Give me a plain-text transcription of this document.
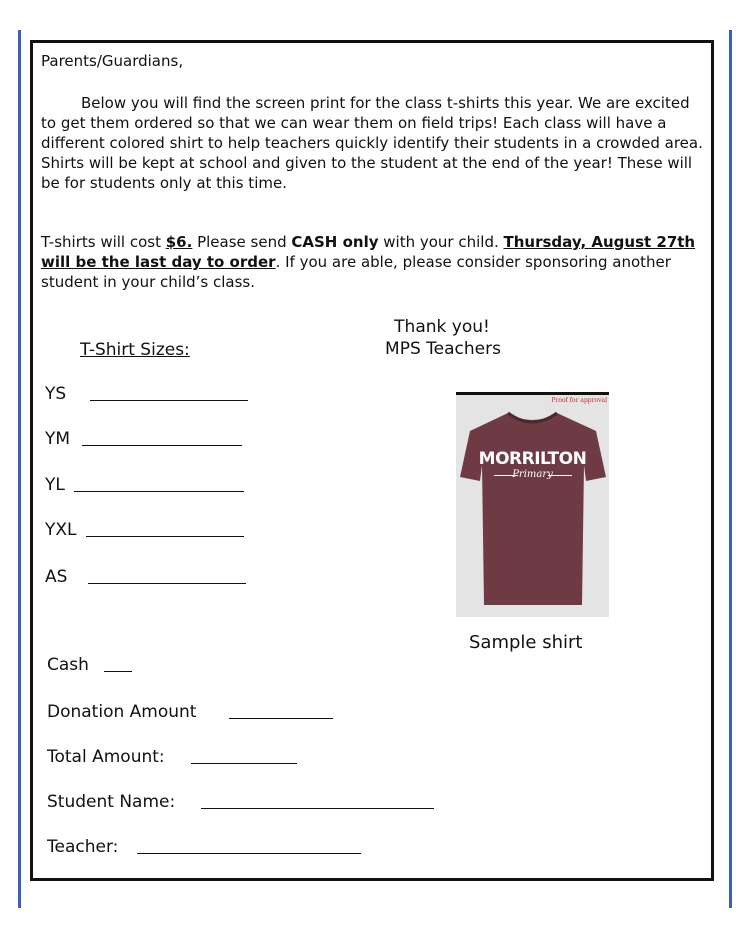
Parents/Guardians,
Below you will find the screen print for the class t-shirts this year. We are excited to get them ordered so that we can wear them on field trips! Each class will have a different colored shirt to help teachers quickly identify their students in a crowded area. Shirts will be kept at school and given to the student at the end of the year! These will be for students only at this time.
T-shirts will cost $6. Please send CASH only with your child. Thursday, August 27th will be the last day to order. If you are able, please consider sponsoring another student in your child’s class.
Thank you!
MPS Teachers
T-Shirt Sizes:
YS
YM
YL
YXL
AS
Proof for approval
MORRILTON
Primary
Sample shirt
Cash
Donation Amount
Total Amount:
Student Name:
Teacher:
